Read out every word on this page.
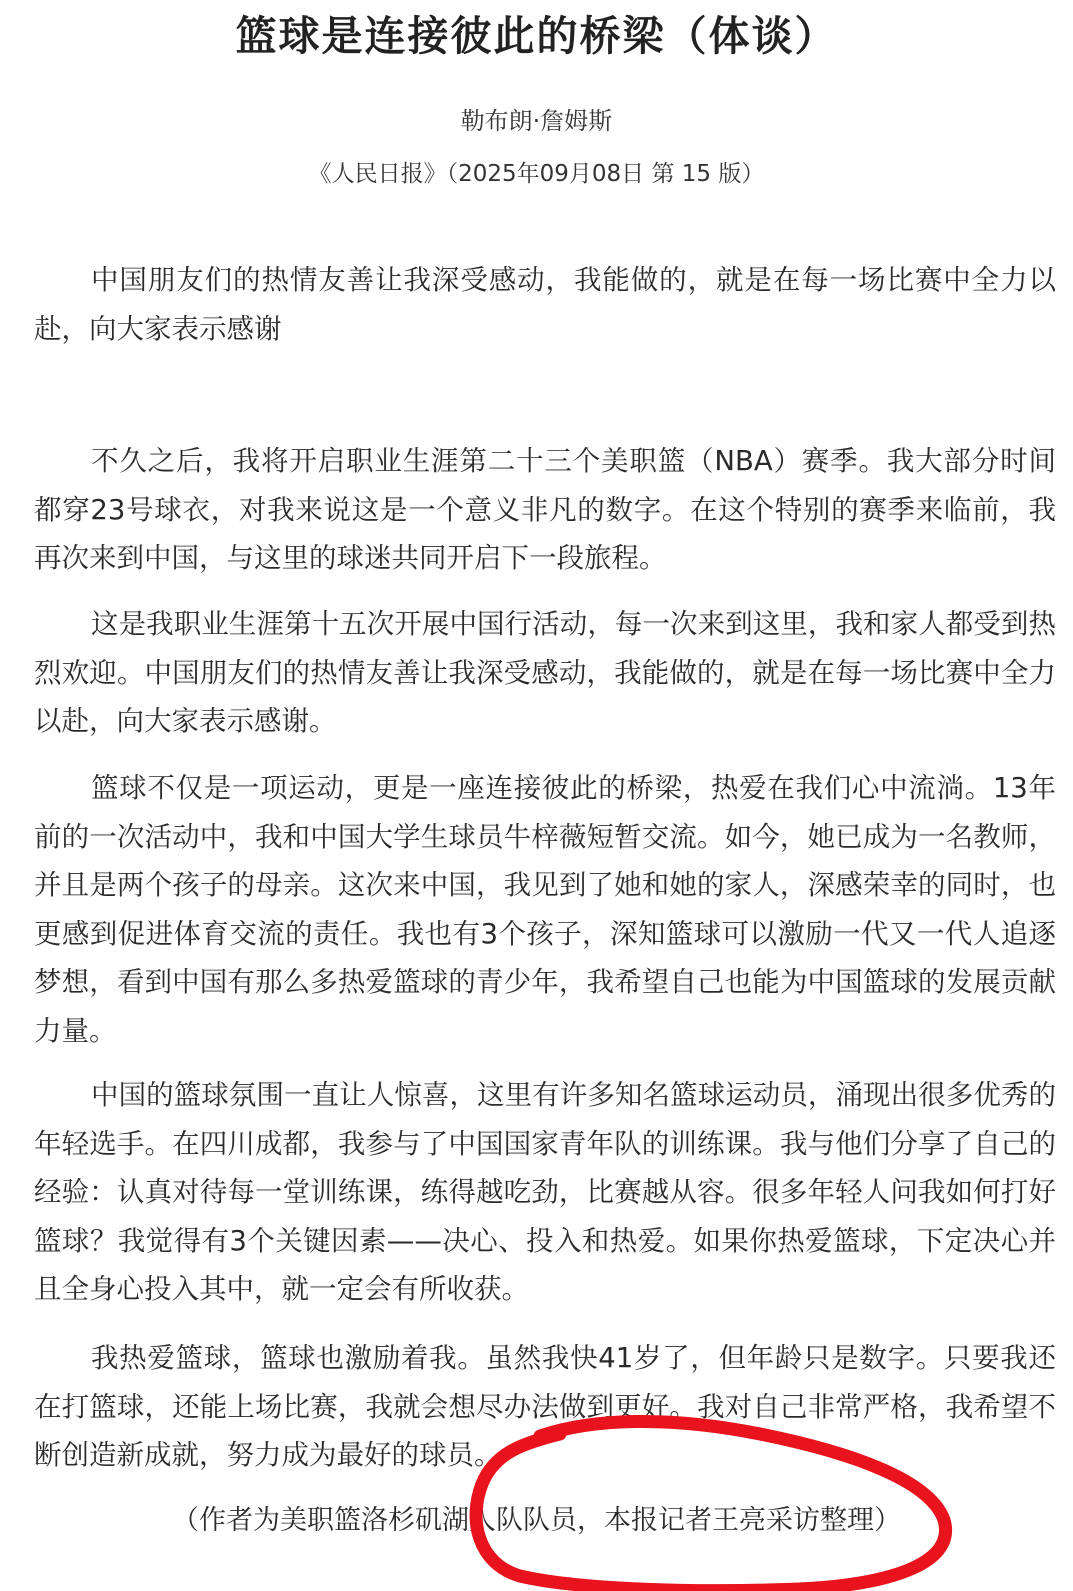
篮球是连接彼此的桥梁（体谈）
勒布朗·詹姆斯
《人民日报》（2025年09月08日 第 15 版）

中国朋友们的热情友善让我深受感动，我能做的，就是在每一场比赛中全力以赴，向大家表示感谢

不久之后，我将开启职业生涯第二十三个美职篮（NBA）赛季。我大部分时间都穿23号球衣，对我来说这是一个意义非凡的数字。在这个特别的赛季来临前，我再次来到中国，与这里的球迷共同开启下一段旅程。

这是我职业生涯第十五次开展中国行活动，每一次来到这里，我和家人都受到热烈欢迎。中国朋友们的热情友善让我深受感动，我能做的，就是在每一场比赛中全力以赴，向大家表示感谢。

篮球不仅是一项运动，更是一座连接彼此的桥梁，热爱在我们心中流淌。13年前的一次活动中，我和中国大学生球员牛梓薇短暂交流。如今，她已成为一名教师，并且是两个孩子的母亲。这次来中国，我见到了她和她的家人，深感荣幸的同时，也更感到促进体育交流的责任。我也有3个孩子，深知篮球可以激励一代又一代人追逐梦想，看到中国有那么多热爱篮球的青少年，我希望自己也能为中国篮球的发展贡献力量。

中国的篮球氛围一直让人惊喜，这里有许多知名篮球运动员，涌现出很多优秀的年轻选手。在四川成都，我参与了中国国家青年队的训练课。我与他们分享了自己的经验：认真对待每一堂训练课，练得越吃劲，比赛越从容。很多年轻人问我如何打好篮球？我觉得有3个关键因素——决心、投入和热爱。如果你热爱篮球，下定决心并且全身心投入其中，就一定会有所收获。

我热爱篮球，篮球也激励着我。虽然我快41岁了，但年龄只是数字。只要我还在打篮球，还能上场比赛，我就会想尽办法做到更好。我对自己非常严格，我希望不断创造新成就，努力成为最好的球员。

（作者为美职篮洛杉矶湖人队队员，本报记者王亮采访整理）
